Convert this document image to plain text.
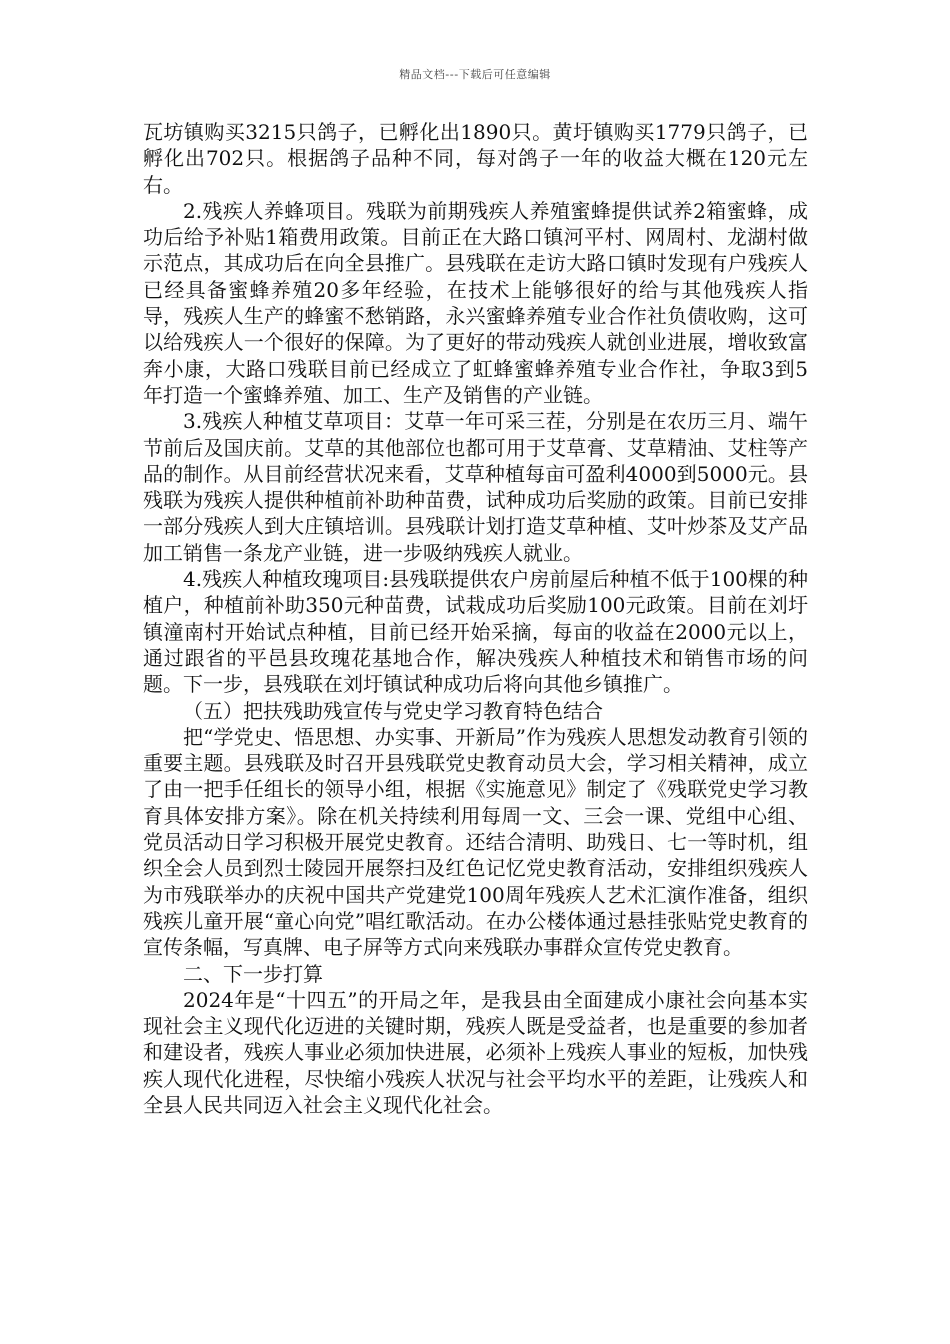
精品文档---下载后可任意编辑

瓦坊镇购买3215只鸽子，已孵化出1890只。黄圩镇购买1779只鸽子，已孵化出702只。根据鸽子品种不同，每对鸽子一年的收益大概在120元左右。

2.残疾人养蜂项目。残联为前期残疾人养殖蜜蜂提供试养2箱蜜蜂，成功后给予补贴1箱费用政策。目前正在大路口镇河平村、网周村、龙湖村做示范点，其成功后在向全县推广。县残联在走访大路口镇时发现有户残疾人已经具备蜜蜂养殖20多年经验，在技术上能够很好的给与其他残疾人指导，残疾人生产的蜂蜜不愁销路，永兴蜜蜂养殖专业合作社负债收购，这可以给残疾人一个很好的保障。为了更好的带动残疾人就创业进展，增收致富奔小康，大路口残联目前已经成立了虹蜂蜜蜂养殖专业合作社，争取3到5年打造一个蜜蜂养殖、加工、生产及销售的产业链。

3.残疾人种植艾草项目：艾草一年可采三茬，分别是在农历三月、端午节前后及国庆前。艾草的其他部位也都可用于艾草膏、艾草精油、艾柱等产品的制作。从目前经营状况来看，艾草种植每亩可盈利4000到5000元。县残联为残疾人提供种植前补助种苗费，试种成功后奖励的政策。目前已安排一部分残疾人到大庄镇培训。县残联计划打造艾草种植、艾叶炒茶及艾产品加工销售一条龙产业链，进一步吸纳残疾人就业。

4.残疾人种植玫瑰项目:县残联提供农户房前屋后种植不低于100棵的种植户，种植前补助350元种苗费，试栽成功后奖励100元政策。目前在刘圩镇潼南村开始试点种植，目前已经开始采摘，每亩的收益在2000元以上，通过跟省的平邑县玫瑰花基地合作，解决残疾人种植技术和销售市场的问题。下一步，县残联在刘圩镇试种成功后将向其他乡镇推广。

（五）把扶残助残宣传与党史学习教育特色结合

把“学党史、悟思想、办实事、开新局”作为残疾人思想发动教育引领的重要主题。县残联及时召开县残联党史教育动员大会，学习相关精神，成立了由一把手任组长的领导小组，根据《实施意见》制定了《残联党史学习教育具体安排方案》。除在机关持续利用每周一文、三会一课、党组中心组、党员活动日学习积极开展党史教育。还结合清明、助残日、七一等时机，组织全会人员到烈士陵园开展祭扫及红色记忆党史教育活动，安排组织残疾人为市残联举办的庆祝中国共产党建党100周年残疾人艺术汇演作准备，组织残疾儿童开展“童心向党”唱红歌活动。在办公楼体通过悬挂张贴党史教育的宣传条幅，写真牌、电子屏等方式向来残联办事群众宣传党史教育。

二、下一步打算

2024年是“十四五”的开局之年，是我县由全面建成小康社会向基本实现社会主义现代化迈进的关键时期，残疾人既是受益者，也是重要的参加者和建设者，残疾人事业必须加快进展，必须补上残疾人事业的短板，加快残疾人现代化进程，尽快缩小残疾人状况与社会平均水平的差距，让残疾人和全县人民共同迈入社会主义现代化社会。
